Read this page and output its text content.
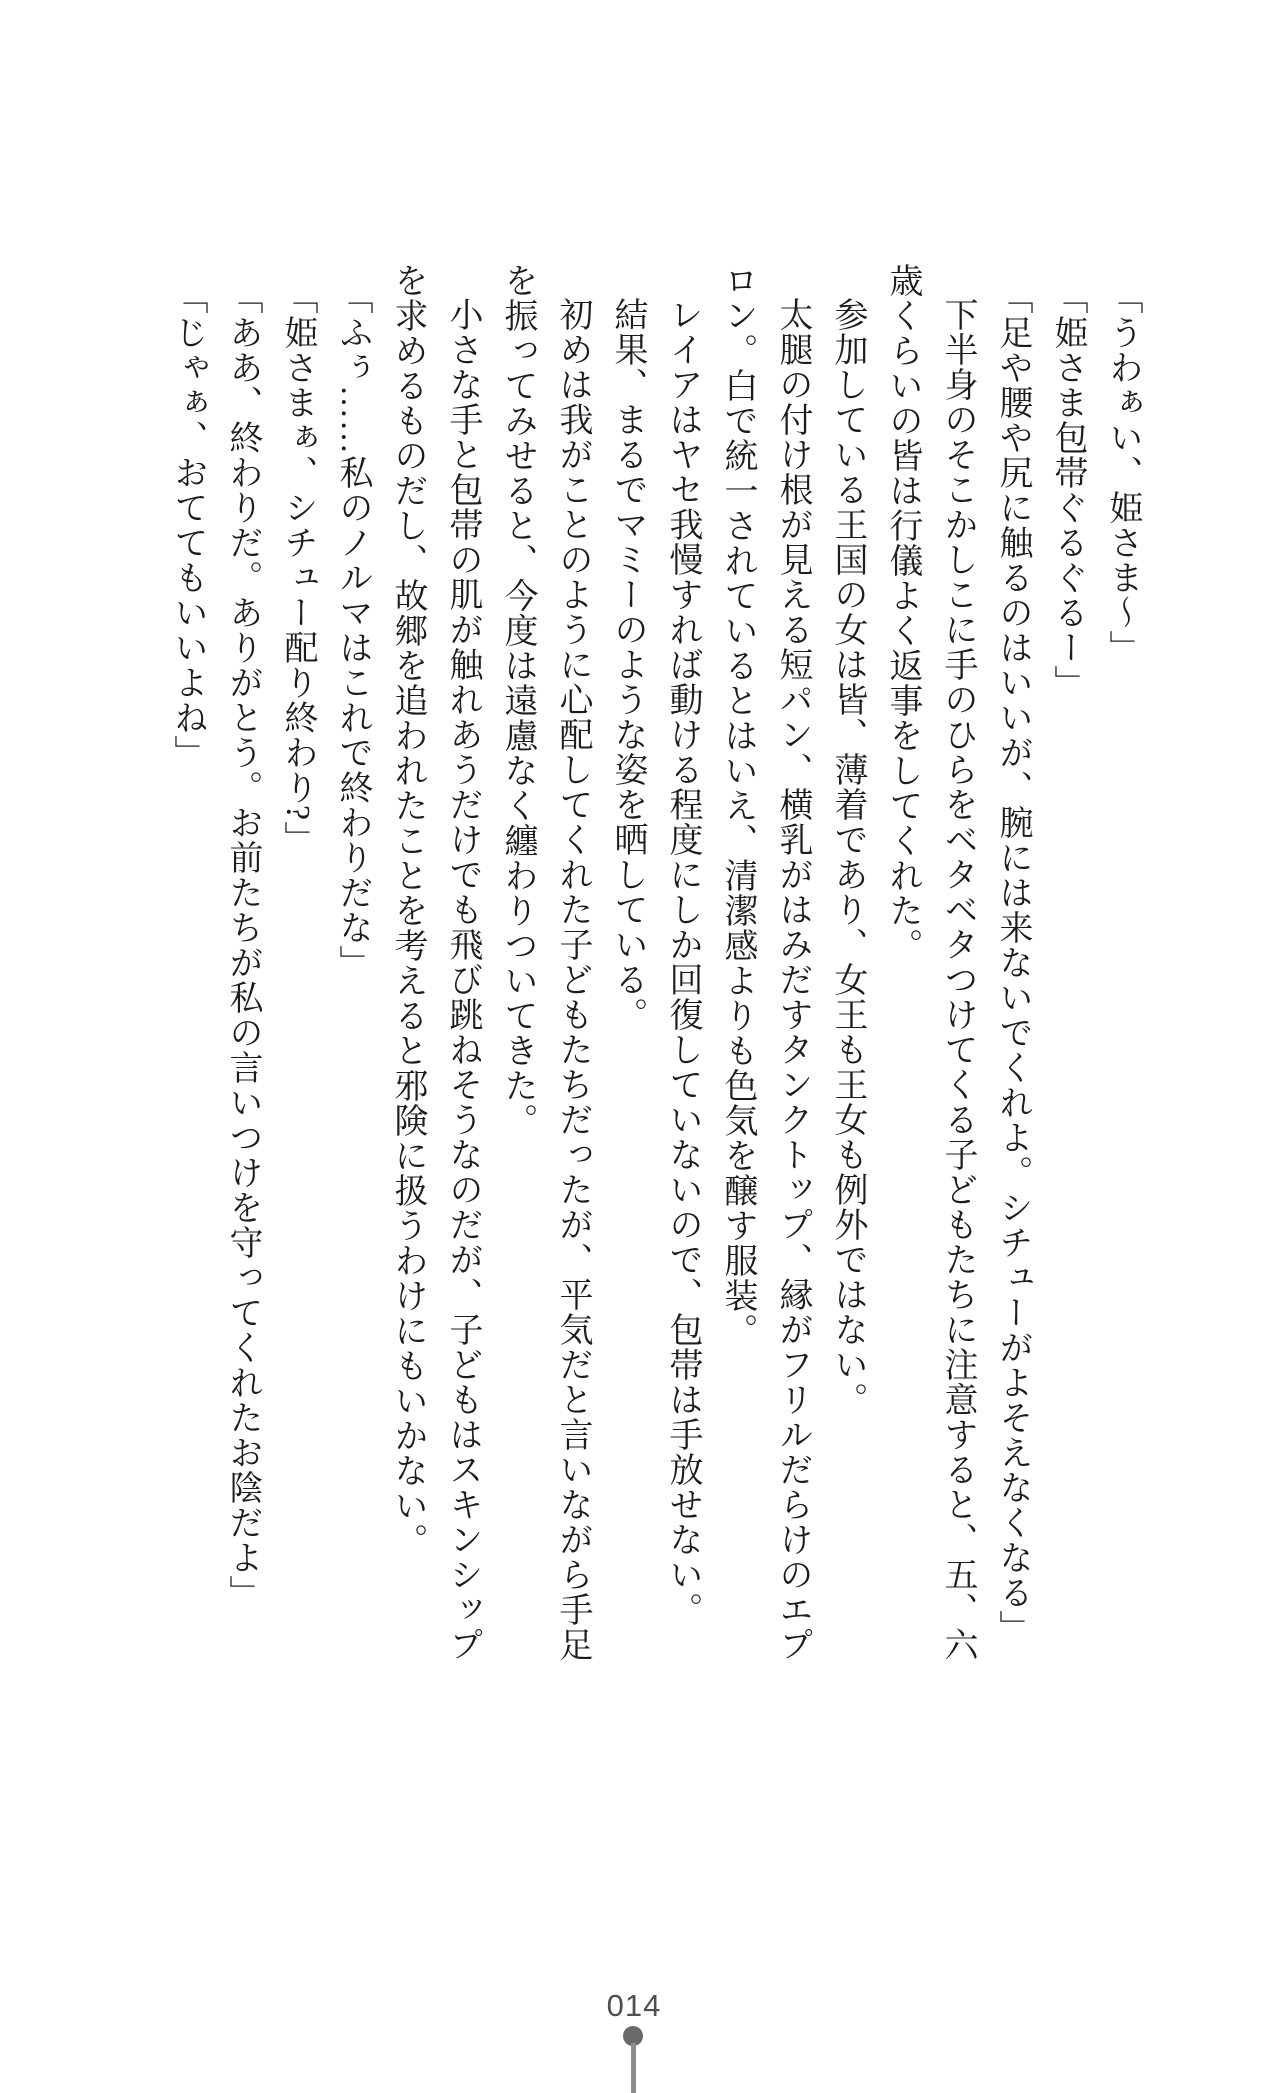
「うわぁい、姫さま～」

「姫さま包帯ぐるぐるー」

「足や腰や尻に触るのはいいが、腕には来ないでくれよ。シチューがよそえなくなる」

下半身のそこかしこに手のひらをベタベタつけてくる子どもたちに注意すると、五、六

歳くらいの皆は行儀よく返事をしてくれた。

参加している王国の女は皆、薄着であり、女王も王女も例外ではない。

太腿の付け根が見える短パン、横乳がはみだすタンクトップ、縁がフリルだらけのエプ

ロン。白で統一されているとはいえ、清潔感よりも色気を醸す服装。

レイアはヤセ我慢すれば動ける程度にしか回復していないので、包帯は手放せない。

結果、まるでマミーのような姿を晒している。

初めは我がことのように心配してくれた子どもたちだったが、平気だと言いながら手足

を振ってみせると、今度は遠慮なく纏わりついてきた。

小さな手と包帯の肌が触れあうだけでも飛び跳ねそうなのだが、子どもはスキンシップ

を求めるものだし、故郷を追われたことを考えると邪険に扱うわけにもいかない。

「ふぅ……私のノルマはこれで終わりだな」

「姫さまぁ、シチュー配り終わり?」

「ああ、終わりだ。ありがとう。お前たちが私の言いつけを守ってくれたお陰だよ」

「じゃぁ、おててもいいよね」

014
